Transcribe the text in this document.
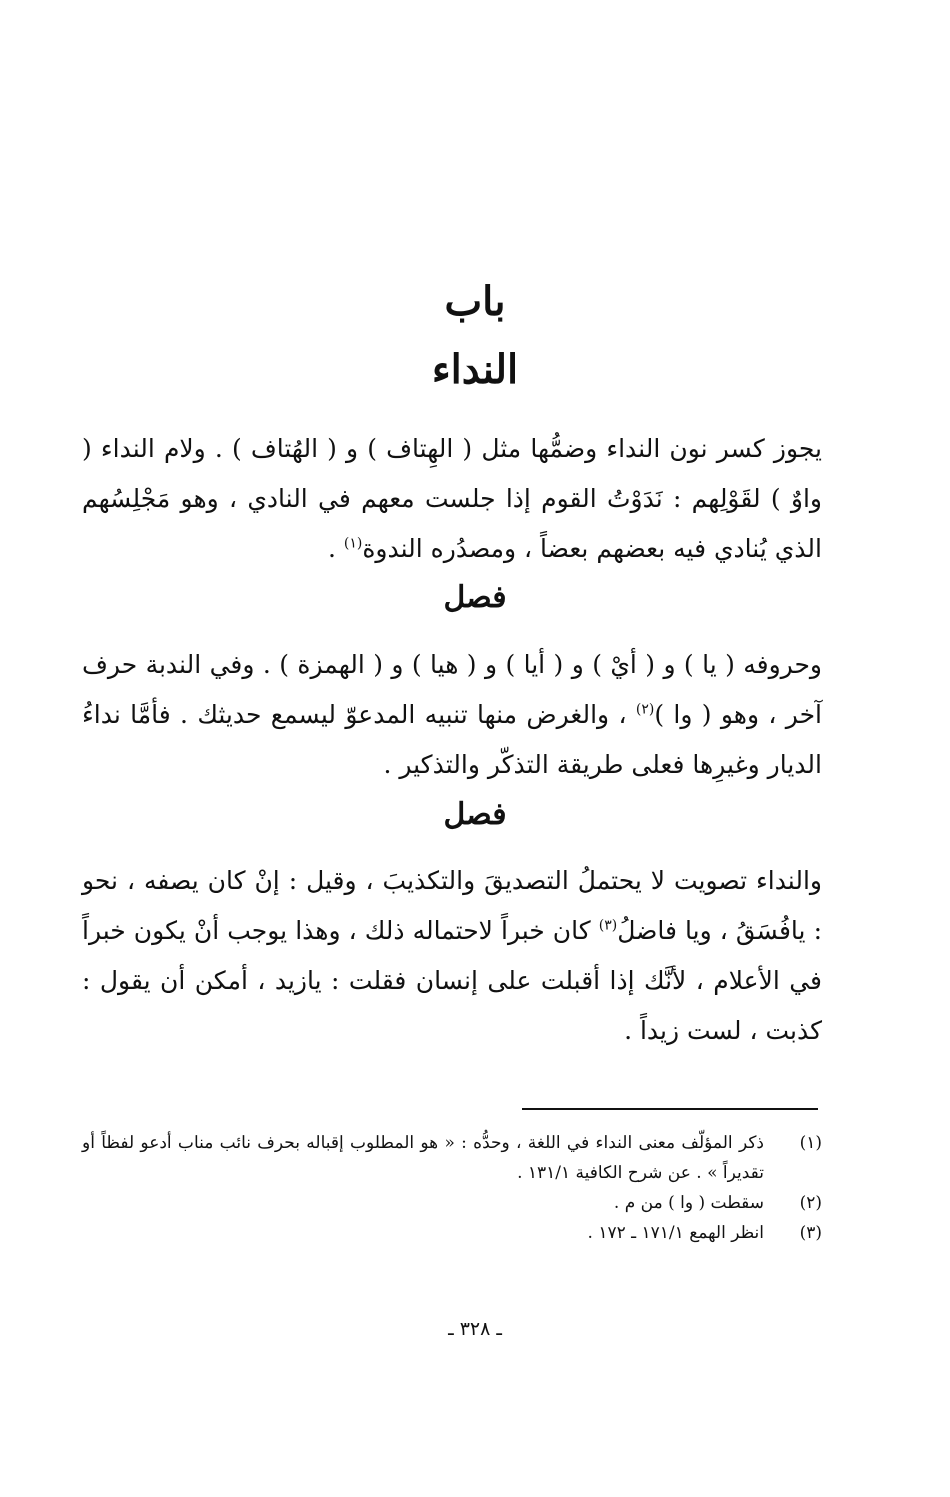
باب
النداء

يجوز كسر نون النداء وضمُّها مثل ( الهِتاف ) و ( الهُتاف ) . ولام النداء ( واوٌ ) لقَوْلِهم : نَدَوْتُ القوم إذا جلست معهم في النادي ، وهو مَجْلِسُهم الذي يُنادي فيه بعضهم بعضاً ، ومصدُره الندوة$^{(١)}$ .

فصل

وحروفه ( يا ) و ( أيْ ) و ( أيا ) و ( هيا ) و ( الهمزة ) . وفي الندبة حرف آخر ، وهو ( وا )$^{(٢)}$ ، والغرض منها تنبيه المدعوّ ليسمع حديثك . فأمَّا نداءُ الديار وغيرِها فعلى طريقة التذكّر والتذكير .

فصل

والنداء تصويت لا يحتملُ التصديقَ والتكذيبَ ، وقيل : إنْ كان يصفه ، نحو : يافُسَقُ ، ويا فاضلُ$^{(٣)}$ كان خبراً لاحتماله ذلك ، وهذا يوجب أنْ يكون خبراً في الأعلام ، لأنَّك إذا أقبلت على إنسان فقلت : يازيد ، أمكن أن يقول : كذبت ، لست زيداً .

(١)
ذكر المؤلّف معنى النداء في اللغة ، وحدُّه : « هو المطلوب إقباله بحرف نائب مناب أدعو لفظاً أو تقديراً » . عن شرح الكافية ١٣١/١ .
(٢)
سقطت ( وا ) من م .
(٣)
انظر الهمع ١٧١/١ ـ ١٧٢ .
ـ ٣٢٨ ـ
